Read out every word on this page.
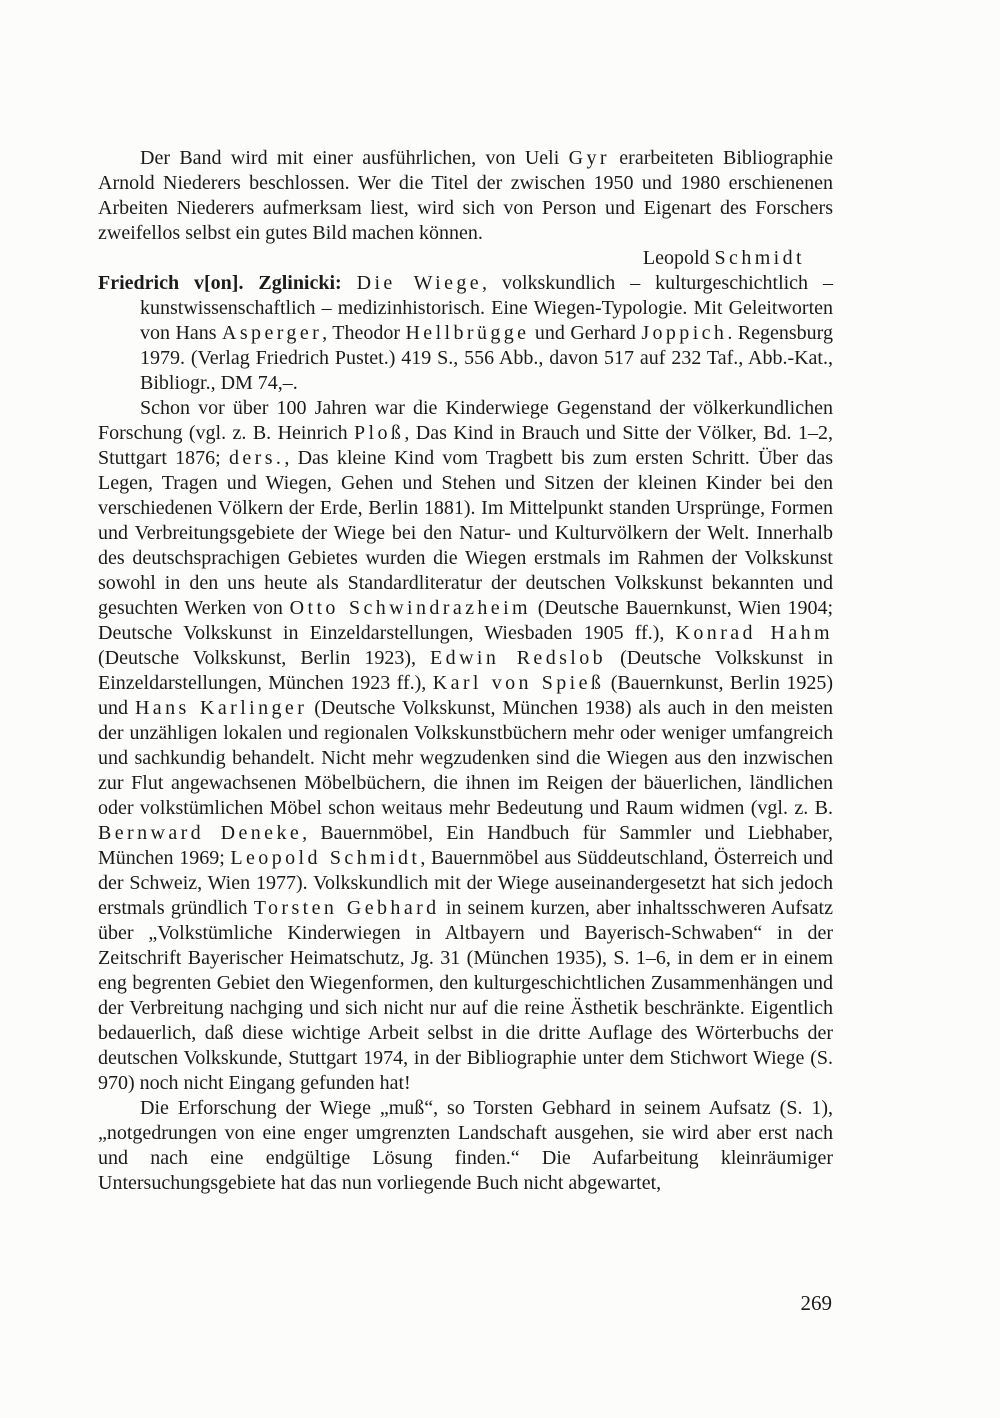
Der Band wird mit einer ausführlichen, von Ueli Gyr erarbeiteten Bibliographie Arnold Niederers beschlossen. Wer die Titel der zwischen 1950 und 1980 erschienenen Arbeiten Niederers aufmerksam liest, wird sich von Person und Eigenart des Forschers zweifellos selbst ein gutes Bild machen können.

Leopold Schmidt

Friedrich v[on]. Zglinicki: Die Wiege, volkskundlich – kulturgeschichtlich – kunstwissenschaftlich – medizinhistorisch. Eine Wiegen-Typologie. Mit Geleitworten von Hans Asperger, Theodor Hellbrügge und Gerhard Joppich. Regensburg 1979. (Verlag Friedrich Pustet.) 419 S., 556 Abb., davon 517 auf 232 Taf., Abb.-Kat., Bibliogr., DM 74,–.

Schon vor über 100 Jahren war die Kinderwiege Gegenstand der völkerkundlichen Forschung (vgl. z. B. Heinrich Ploß, Das Kind in Brauch und Sitte der Völker, Bd. 1–2, Stuttgart 1876; ders., Das kleine Kind vom Tragbett bis zum ersten Schritt. Über das Legen, Tragen und Wiegen, Gehen und Stehen und Sitzen der kleinen Kinder bei den verschiedenen Völkern der Erde, Berlin 1881). Im Mittelpunkt standen Ursprünge, Formen und Verbreitungsgebiete der Wiege bei den Natur- und Kulturvölkern der Welt. Innerhalb des deutschsprachigen Gebietes wurden die Wiegen erstmals im Rahmen der Volkskunst sowohl in den uns heute als Standardliteratur der deutschen Volkskunst bekannten und gesuchten Werken von Otto Schwindrazheim (Deutsche Bauernkunst, Wien 1904; Deutsche Volkskunst in Einzeldarstellungen, Wiesbaden 1905 ff.), Konrad Hahm (Deutsche Volkskunst, Berlin 1923), Edwin Redslob (Deutsche Volkskunst in Einzeldarstellungen, München 1923 ff.), Karl von Spieß (Bauernkunst, Berlin 1925) und Hans Karlinger (Deutsche Volkskunst, München 1938) als auch in den meisten der unzähligen lokalen und regionalen Volkskunstbüchern mehr oder weniger umfangreich und sachkundig behandelt. Nicht mehr wegzudenken sind die Wiegen aus den inzwischen zur Flut angewachsenen Möbelbüchern, die ihnen im Reigen der bäuerlichen, ländlichen oder volkstümlichen Möbel schon weitaus mehr Bedeutung und Raum widmen (vgl. z. B. Bernward Deneke, Bauernmöbel, Ein Handbuch für Sammler und Liebhaber, München 1969; Leopold Schmidt, Bauernmöbel aus Süddeutschland, Österreich und der Schweiz, Wien 1977). Volkskundlich mit der Wiege auseinandergesetzt hat sich jedoch erstmals gründlich Torsten Gebhard in seinem kurzen, aber inhaltsschweren Aufsatz über „Volkstümliche Kinderwiegen in Altbayern und Bayerisch-Schwaben“ in der Zeitschrift Bayerischer Heimatschutz, Jg. 31 (München 1935), S. 1–6, in dem er in einem eng begrenten Gebiet den Wiegenformen, den kulturgeschichtlichen Zusammenhängen und der Verbreitung nachging und sich nicht nur auf die reine Ästhetik beschränkte. Eigentlich bedauerlich, daß diese wichtige Arbeit selbst in die dritte Auflage des Wörterbuchs der deutschen Volkskunde, Stuttgart 1974, in der Bibliographie unter dem Stichwort Wiege (S. 970) noch nicht Eingang gefunden hat!

Die Erforschung der Wiege „muß“, so Torsten Gebhard in seinem Aufsatz (S. 1), „notgedrungen von eine enger umgrenzten Landschaft ausgehen, sie wird aber erst nach und nach eine endgültige Lösung finden.“ Die Aufarbeitung kleinräumiger Untersuchungsgebiete hat das nun vorliegende Buch nicht abgewartet,

269
